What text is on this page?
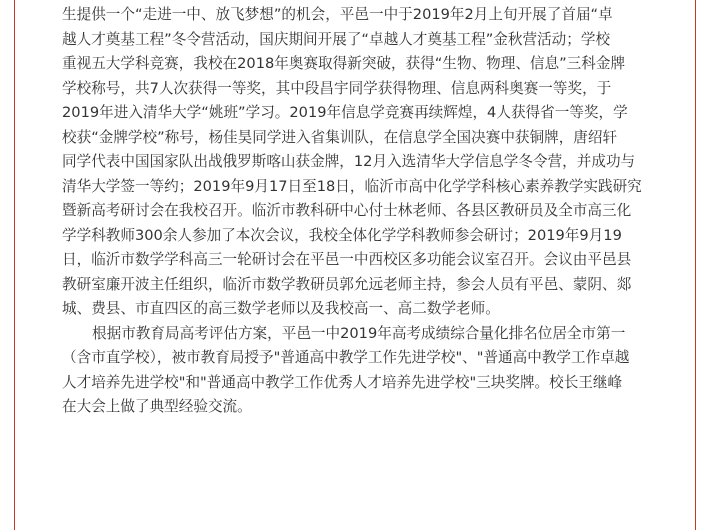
生提供一个“走进一中、放飞梦想”的机会，平邑一中于2019年2月上旬开展了首届“卓
越人才奠基工程”冬令营活动，国庆期间开展了“卓越人才奠基工程”金秋营活动；学校
重视五大学科竞赛，我校在2018年奥赛取得新突破，获得“生物、物理、信息”三科金牌
学校称号，共7人次获得一等奖，其中段昌宇同学获得物理、信息两科奥赛一等奖，于
2019年进入清华大学“姚班”学习。2019年信息学竞赛再续辉煌，4人获得省一等奖，学
校获“金牌学校”称号，杨佳昊同学进入省集训队，在信息学全国决赛中获铜牌，唐绍轩
同学代表中国国家队出战俄罗斯喀山获金牌，12月入选清华大学信息学冬令营，并成功与
清华大学签一等约；2019年9月17日至18日，临沂市高中化学学科核心素养教学实践研究
暨新高考研讨会在我校召开。临沂市教科研中心付士林老师、各县区教研员及全市高三化
学学科教师300余人参加了本次会议，我校全体化学学科教师参会研讨；2019年9月19
日，临沂市数学学科高三一轮研讨会在平邑一中西校区多功能会议室召开。会议由平邑县
教研室廉开波主任组织，临沂市数学教研员郭允远老师主持，参会人员有平邑、蒙阴、郯
城、费县、市直四区的高三数学老师以及我校高一、高二数学老师。
根据市教育局高考评估方案，平邑一中2019年高考成绩综合量化排名位居全市第一
（含市直学校），被市教育局授予"普通高中教学工作先进学校"、"普通高中教学工作卓越
人才培养先进学校"和"普通高中教学工作优秀人才培养先进学校"三块奖牌。校长王继峰
在大会上做了典型经验交流。
